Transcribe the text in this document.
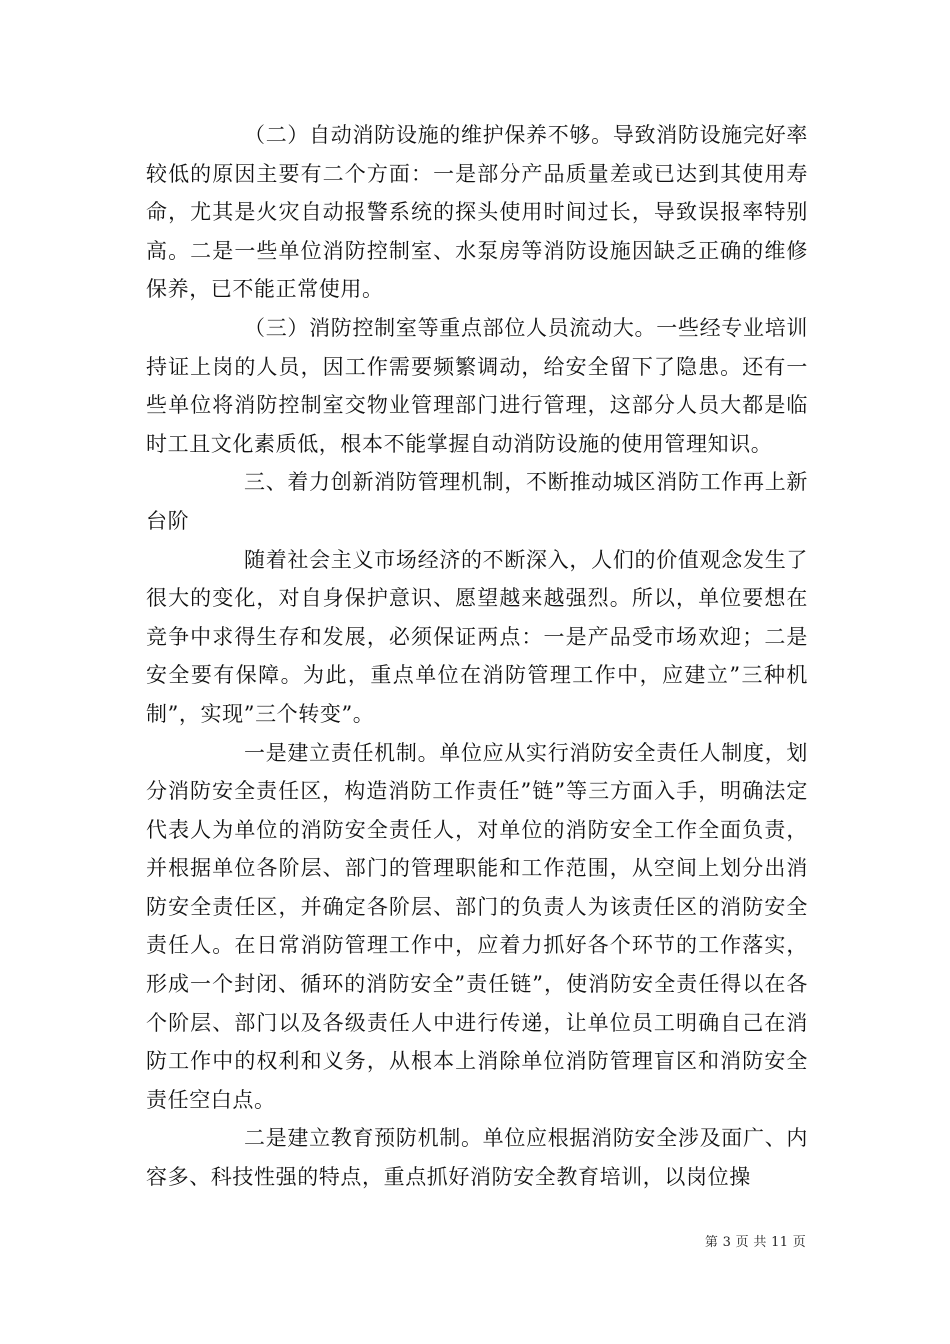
（二）自动消防设施的维护保养不够。导致消防设施完好率较低的原因主要有二个方面：一是部分产品质量差或已达到其使用寿命，尤其是火灾自动报警系统的探头使用时间过长，导致误报率特别高。二是一些单位消防控制室、水泵房等消防设施因缺乏正确的维修保养，已不能正常使用。

（三）消防控制室等重点部位人员流动大。一些经专业培训持证上岗的人员，因工作需要频繁调动，给安全留下了隐患。还有一些单位将消防控制室交物业管理部门进行管理，这部分人员大都是临时工且文化素质低，根本不能掌握自动消防设施的使用管理知识。

三、着力创新消防管理机制，不断推动城区消防工作再上新台阶

随着社会主义市场经济的不断深入，人们的价值观念发生了很大的变化，对自身保护意识、愿望越来越强烈。所以，单位要想在竞争中求得生存和发展，必须保证两点：一是产品受市场欢迎；二是安全要有保障。为此，重点单位在消防管理工作中，应建立”三种机制”，实现”三个转变”。

一是建立责任机制。单位应从实行消防安全责任人制度，划分消防安全责任区，构造消防工作责任”链”等三方面入手，明确法定代表人为单位的消防安全责任人，对单位的消防安全工作全面负责，并根据单位各阶层、部门的管理职能和工作范围，从空间上划分出消防安全责任区，并确定各阶层、部门的负责人为该责任区的消防安全责任人。在日常消防管理工作中，应着力抓好各个环节的工作落实，形成一个封闭、循环的消防安全”责任链”，使消防安全责任得以在各个阶层、部门以及各级责任人中进行传递，让单位员工明确自己在消防工作中的权利和义务，从根本上消除单位消防管理盲区和消防安全责任空白点。

二是建立教育预防机制。单位应根据消防安全涉及面广、内容多、科技性强的特点，重点抓好消防安全教育培训，以岗位操

第 3 页 共 11 页
